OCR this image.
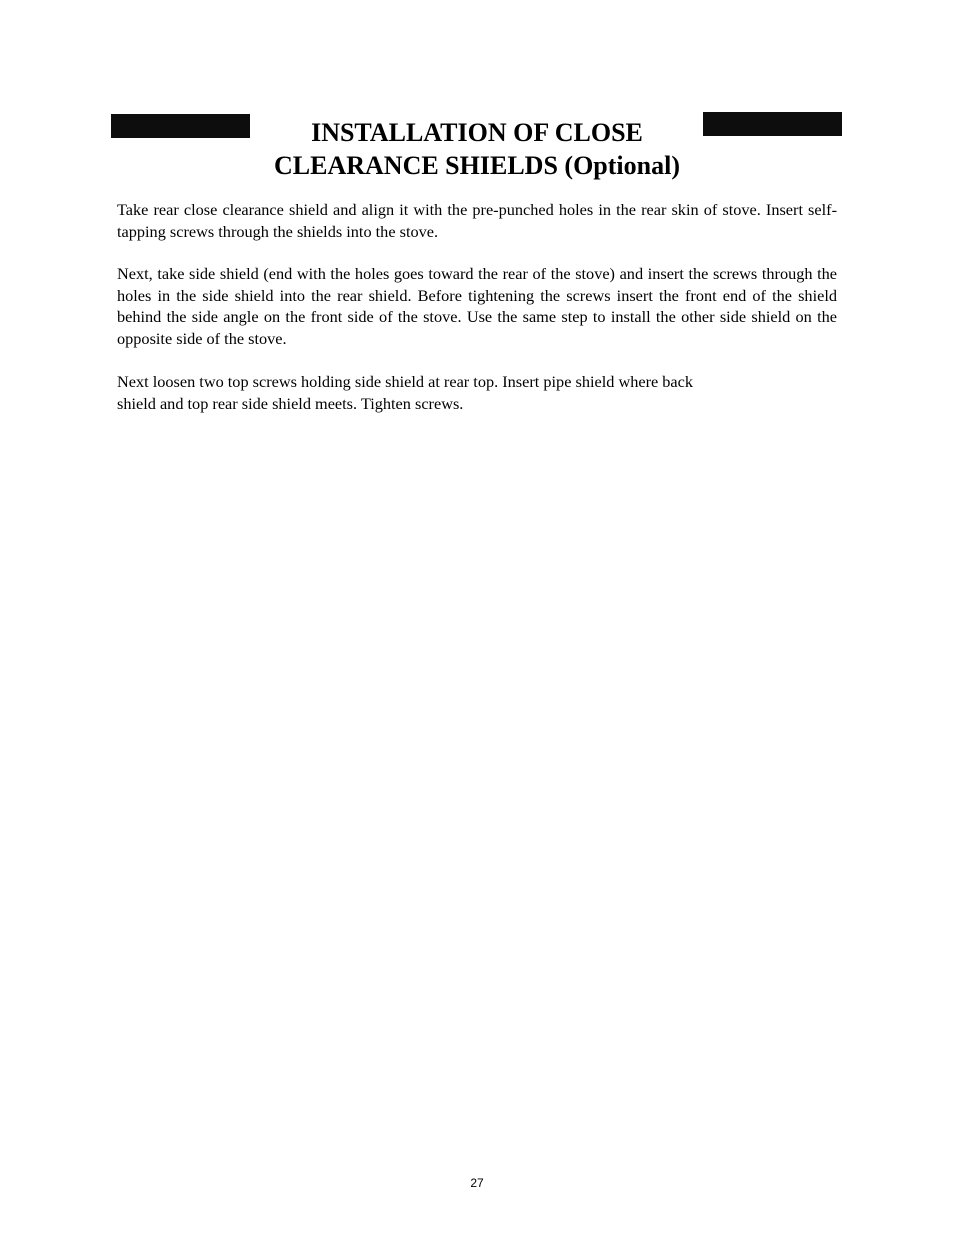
INSTALLATION OF CLOSE
CLEARANCE SHIELDS (Optional)

Take rear close clearance shield and align it with the pre-punched holes in the rear skin of stove. Insert self-tapping screws through the shields into the stove.

Next, take side shield (end with the holes goes toward the rear of the stove) and insert the screws through the holes in the side shield into the rear shield. Before tightening the screws insert the front end of the shield behind the side angle on the front side of the stove. Use the same step to install the other side shield on the opposite side of the stove.

Next loosen two top screws holding side shield at rear top. Insert pipe shield where back
shield and top rear side shield meets. Tighten screws.

27
